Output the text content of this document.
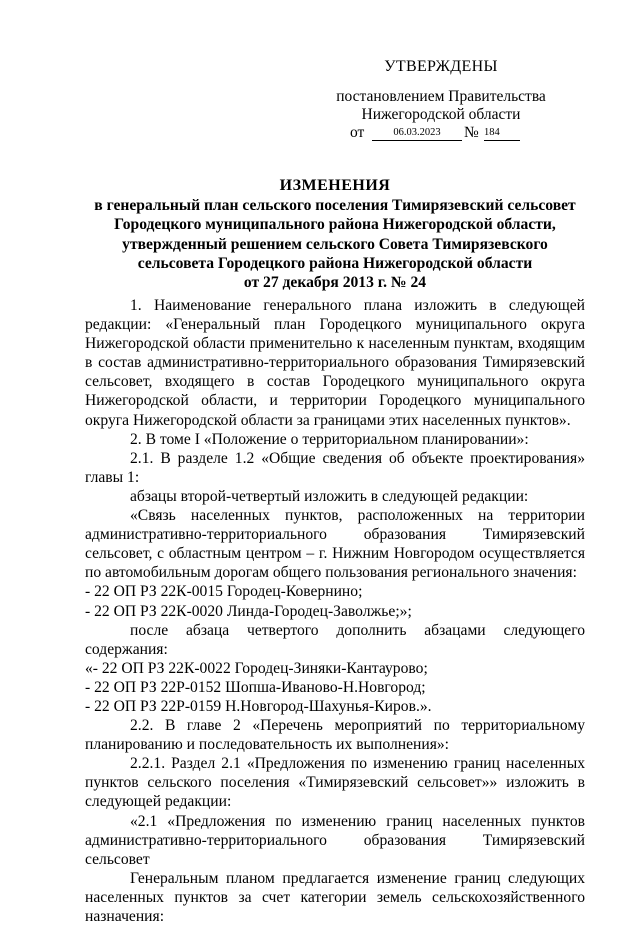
УТВЕРЖДЕНЫ
постановлением Правительства
Нижегородской области
от	06.03.2023	№ 184
ИЗМЕНЕНИЯ
в генеральный план сельского поселения Тимирязевский сельсовет
Городецкого муниципального района Нижегородской области,
утвержденный решением сельского Совета Тимирязевского
сельсовета Городецкого района Нижегородской области
от 27 декабря 2013 г. № 24

1. Наименование генерального плана изложить в следующей редакции: «Генеральный план Городецкого муниципального округа Нижегородской области применительно к населенным пунктам, входящим в состав административно-территориального образования Тимирязевский сельсовет, входящего в состав Городецкого муниципального округа Нижегородской области, и территории Городецкого муниципального округа Нижегородской области за границами этих населенных пунктов».

2. В томе I «Положение о территориальном планировании»:

2.1. В разделе 1.2 «Общие сведения об объекте проектирования» главы 1:

абзацы второй-четвертый изложить в следующей редакции:

«Связь населенных пунктов, расположенных на территории административно-территориального образования Тимирязевский сельсовет, с областным центром – г. Нижним Новгородом осуществляется по автомобильным дорогам общего пользования регионального значения:

- 22 ОП РЗ 22К-0015 Городец-Ковернино;

- 22 ОП РЗ 22К-0020 Линда-Городец-Заволжье;»;

после абзаца четвертого дополнить абзацами следующего содержания:

«- 22 ОП РЗ 22К-0022 Городец-Зиняки-Кантаурово;

- 22 ОП РЗ 22Р-0152 Шопша-Иваново-Н.Новгород;

- 22 ОП РЗ 22Р-0159 Н.Новгород-Шахунья-Киров.».

2.2. В главе 2 «Перечень мероприятий по территориальному планированию и последовательность их выполнения»:

2.2.1. Раздел 2.1 «Предложения по изменению границ населенных пунктов сельского поселения «Тимирязевский сельсовет»» изложить в следующей редакции:

«2.1 «Предложения по изменению границ населенных пунктов административно-территориального образования Тимирязевский сельсовет

Генеральным планом предлагается изменение границ следующих населенных пунктов за счет категории земель сельскохозяйственного назначения:
